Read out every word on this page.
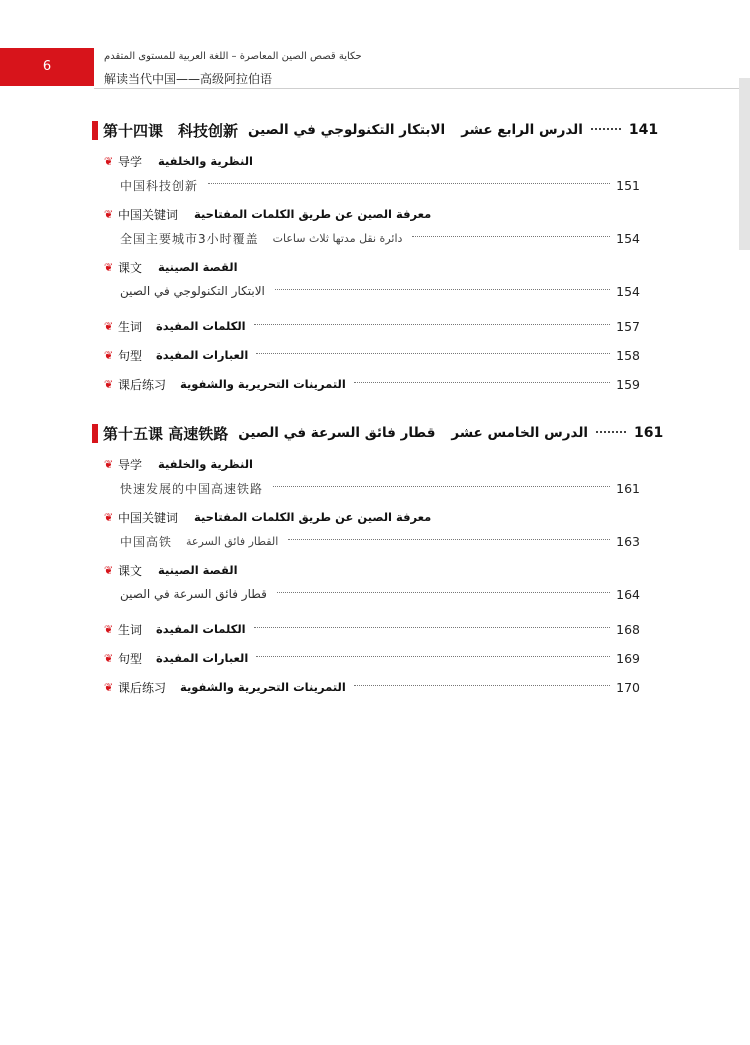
6
حكاية قصص الصين المعاصرة – اللغة العربية للمستوى المتقدم
解读当代中国——高级阿拉伯语
第十四课　科技创新 الابتكار التكنولوجي في الصين الدرس الرابع عشر	141
❦ 导学 النظرية والخلفية
中国科技创新	151
❦ 中国关键词 معرفة الصين عن طريق الكلمات المفتاحية
全国主要城市3小时覆盖 دائرة نقل مدتها ثلاث ساعات	154
❦ 课文 القصة الصينية
الابتكار التكنولوجي في الصين	154
❦ 生词 الكلمات المفيدة	157
❦ 句型 العبارات المفيدة	158
❦ 课后练习 التمرينات التحريرية والشفوية	159
第十五课 高速铁路 قطار فائق السرعة في الصين الدرس الخامس عشر	161
❦ 导学 النظرية والخلفية
快速发展的中国高速铁路	161
❦ 中国关键词 معرفة الصين عن طريق الكلمات المفتاحية
中国高铁 القطار فائق السرعة	163
❦ 课文 القصة الصينية
قطار فائق السرعة في الصين	164
❦ 生词 الكلمات المفيدة	168
❦ 句型 العبارات المفيدة	169
❦ 课后练习 التمرينات التحريرية والشفوية	170
